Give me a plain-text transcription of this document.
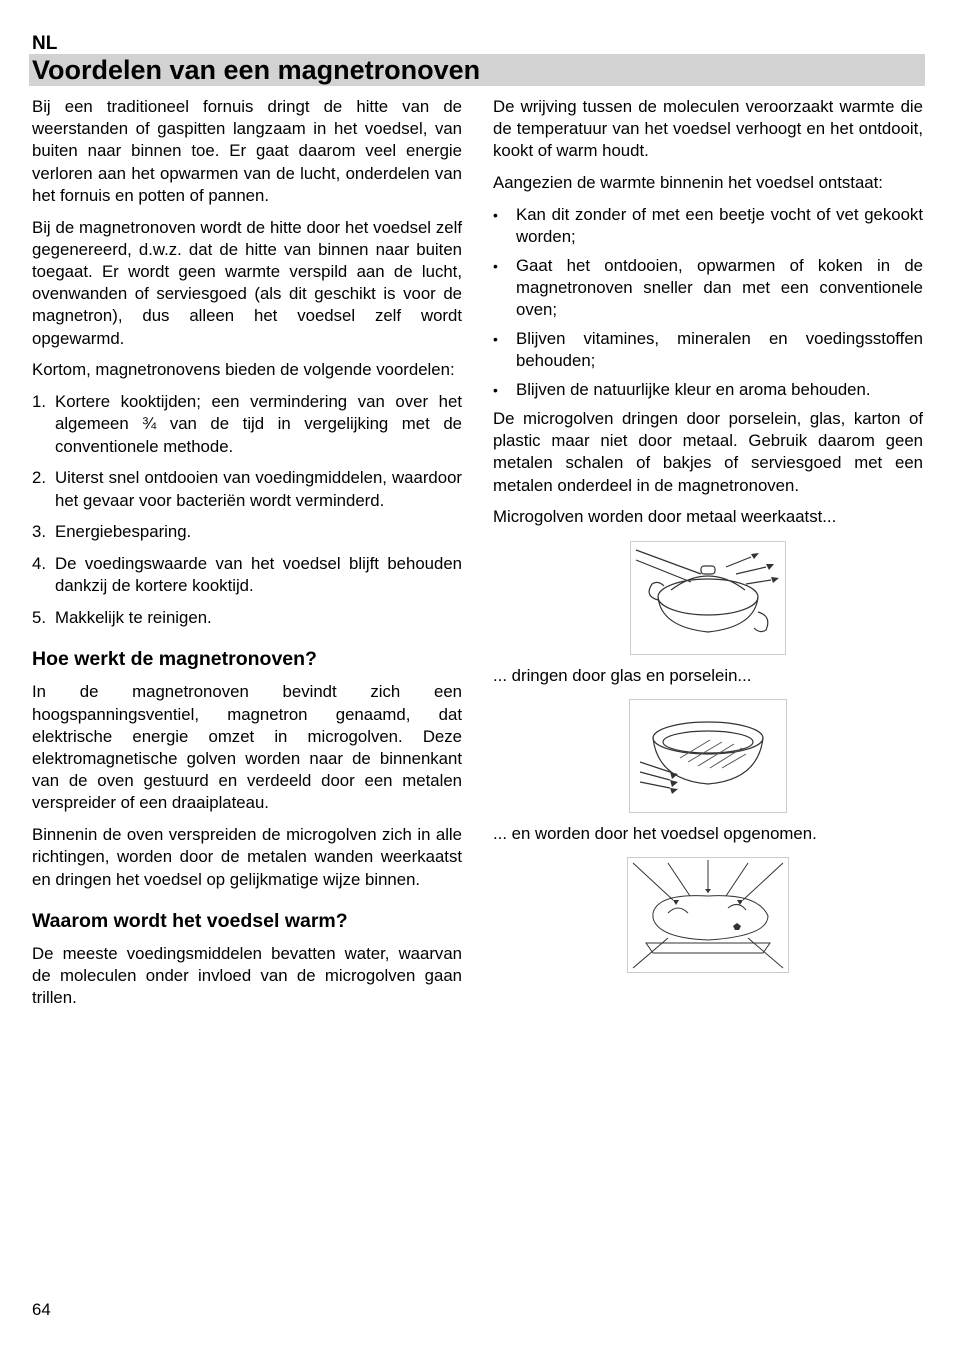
NL
Voordelen van een magnetronoven

Bij een traditioneel fornuis dringt de hitte van de weerstanden of gaspitten langzaam in het voedsel, van buiten naar binnen toe. Er gaat daarom veel energie verloren aan het opwarmen van de lucht, onderdelen van het fornuis en potten of pannen.

Bij de magnetronoven wordt de hitte door het voedsel zelf gegenereerd, d.w.z. dat de hitte van binnen naar buiten toegaat. Er wordt geen warmte verspild aan de lucht, ovenwanden of serviesgoed (als dit geschikt is voor de magnetron), dus alleen het voedsel zelf wordt opgewarmd.

Kortom, magnetronovens bieden de volgende voordelen:

1. Kortere kooktijden; een vermindering van over het algemeen ¾ van de tijd in vergelijking met de conventionele methode.
2. Uiterst snel ontdooien van voedingmiddelen, waardoor het gevaar voor bacteriën wordt verminderd.
3. Energiebesparing.
4. De voedingswaarde van het voedsel blijft behouden dankzij de kortere kooktijd.
5. Makkelijk te reinigen.
Hoe werkt de magnetronoven?

In de magnetronoven bevindt zich een hoogspanningsventiel, magnetron genaamd, dat elektrische energie omzet in microgolven. Deze elektromagnetische golven worden naar de binnenkant van de oven gestuurd en verdeeld door een metalen verspreider of een draaiplateau.

Binnenin de oven verspreiden de microgolven zich in alle richtingen, worden door de metalen wanden weerkaatst en dringen het voedsel op gelijkmatige wijze binnen.

Waarom wordt het voedsel warm?

De meeste voedingsmiddelen bevatten water, waarvan de moleculen onder invloed van de microgolven gaan trillen.

De wrijving tussen de moleculen veroorzaakt warmte die de temperatuur van het voedsel verhoogt en het ontdooit, kookt of warm houdt.

Aangezien de warmte binnenin het voedsel ontstaat:

• Kan dit zonder of met een beetje vocht of vet gekookt worden;
• Gaat het ontdooien, opwarmen of koken in de magnetronoven sneller dan met een conventionele oven;
• Blijven vitamines, mineralen en voedingsstoffen behouden;
• Blijven de natuurlijke kleur en aroma behouden.

De microgolven dringen door porselein, glas, karton of plastic maar niet door metaal. Gebruik daarom geen metalen schalen of bakjes of serviesgoed met een metalen onderdeel in de magnetronoven.

Microgolven worden door metaal weerkaatst...

... dringen door glas en porselein...

... en worden door het voedsel opgenomen.

64
